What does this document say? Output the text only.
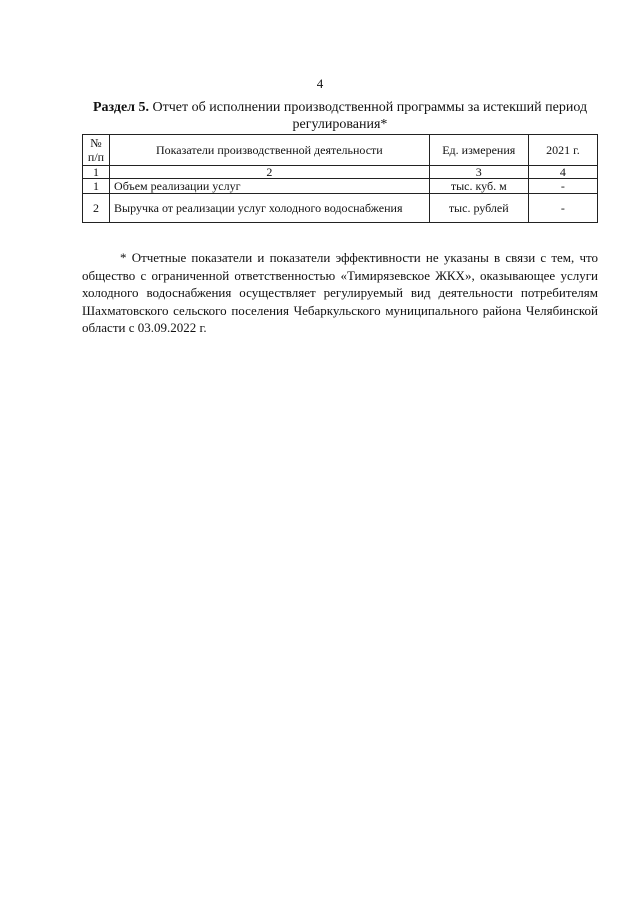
4
Раздел 5. Отчет об исполнении производственной программы за истекший период регулирования*
№ п/п	Показатели производственной деятельности	Ед. измерения	2021 г.
1	2	3	4
1	Объем реализации услуг	тыс. куб. м	-
2	Выручка от реализации услуг холодного водоснабжения	тыс. рублей	-

* Отчетные показатели и показатели эффективности не указаны в связи с тем, что общество с ограниченной ответственностью «Тимирязевское ЖКХ», оказывающее услуги холодного водоснабжения осуществляет регулируемый вид деятельности потребителям Шахматовского сельского поселения Чебаркульского муниципального района Челябинской области с 03.09.2022 г.
